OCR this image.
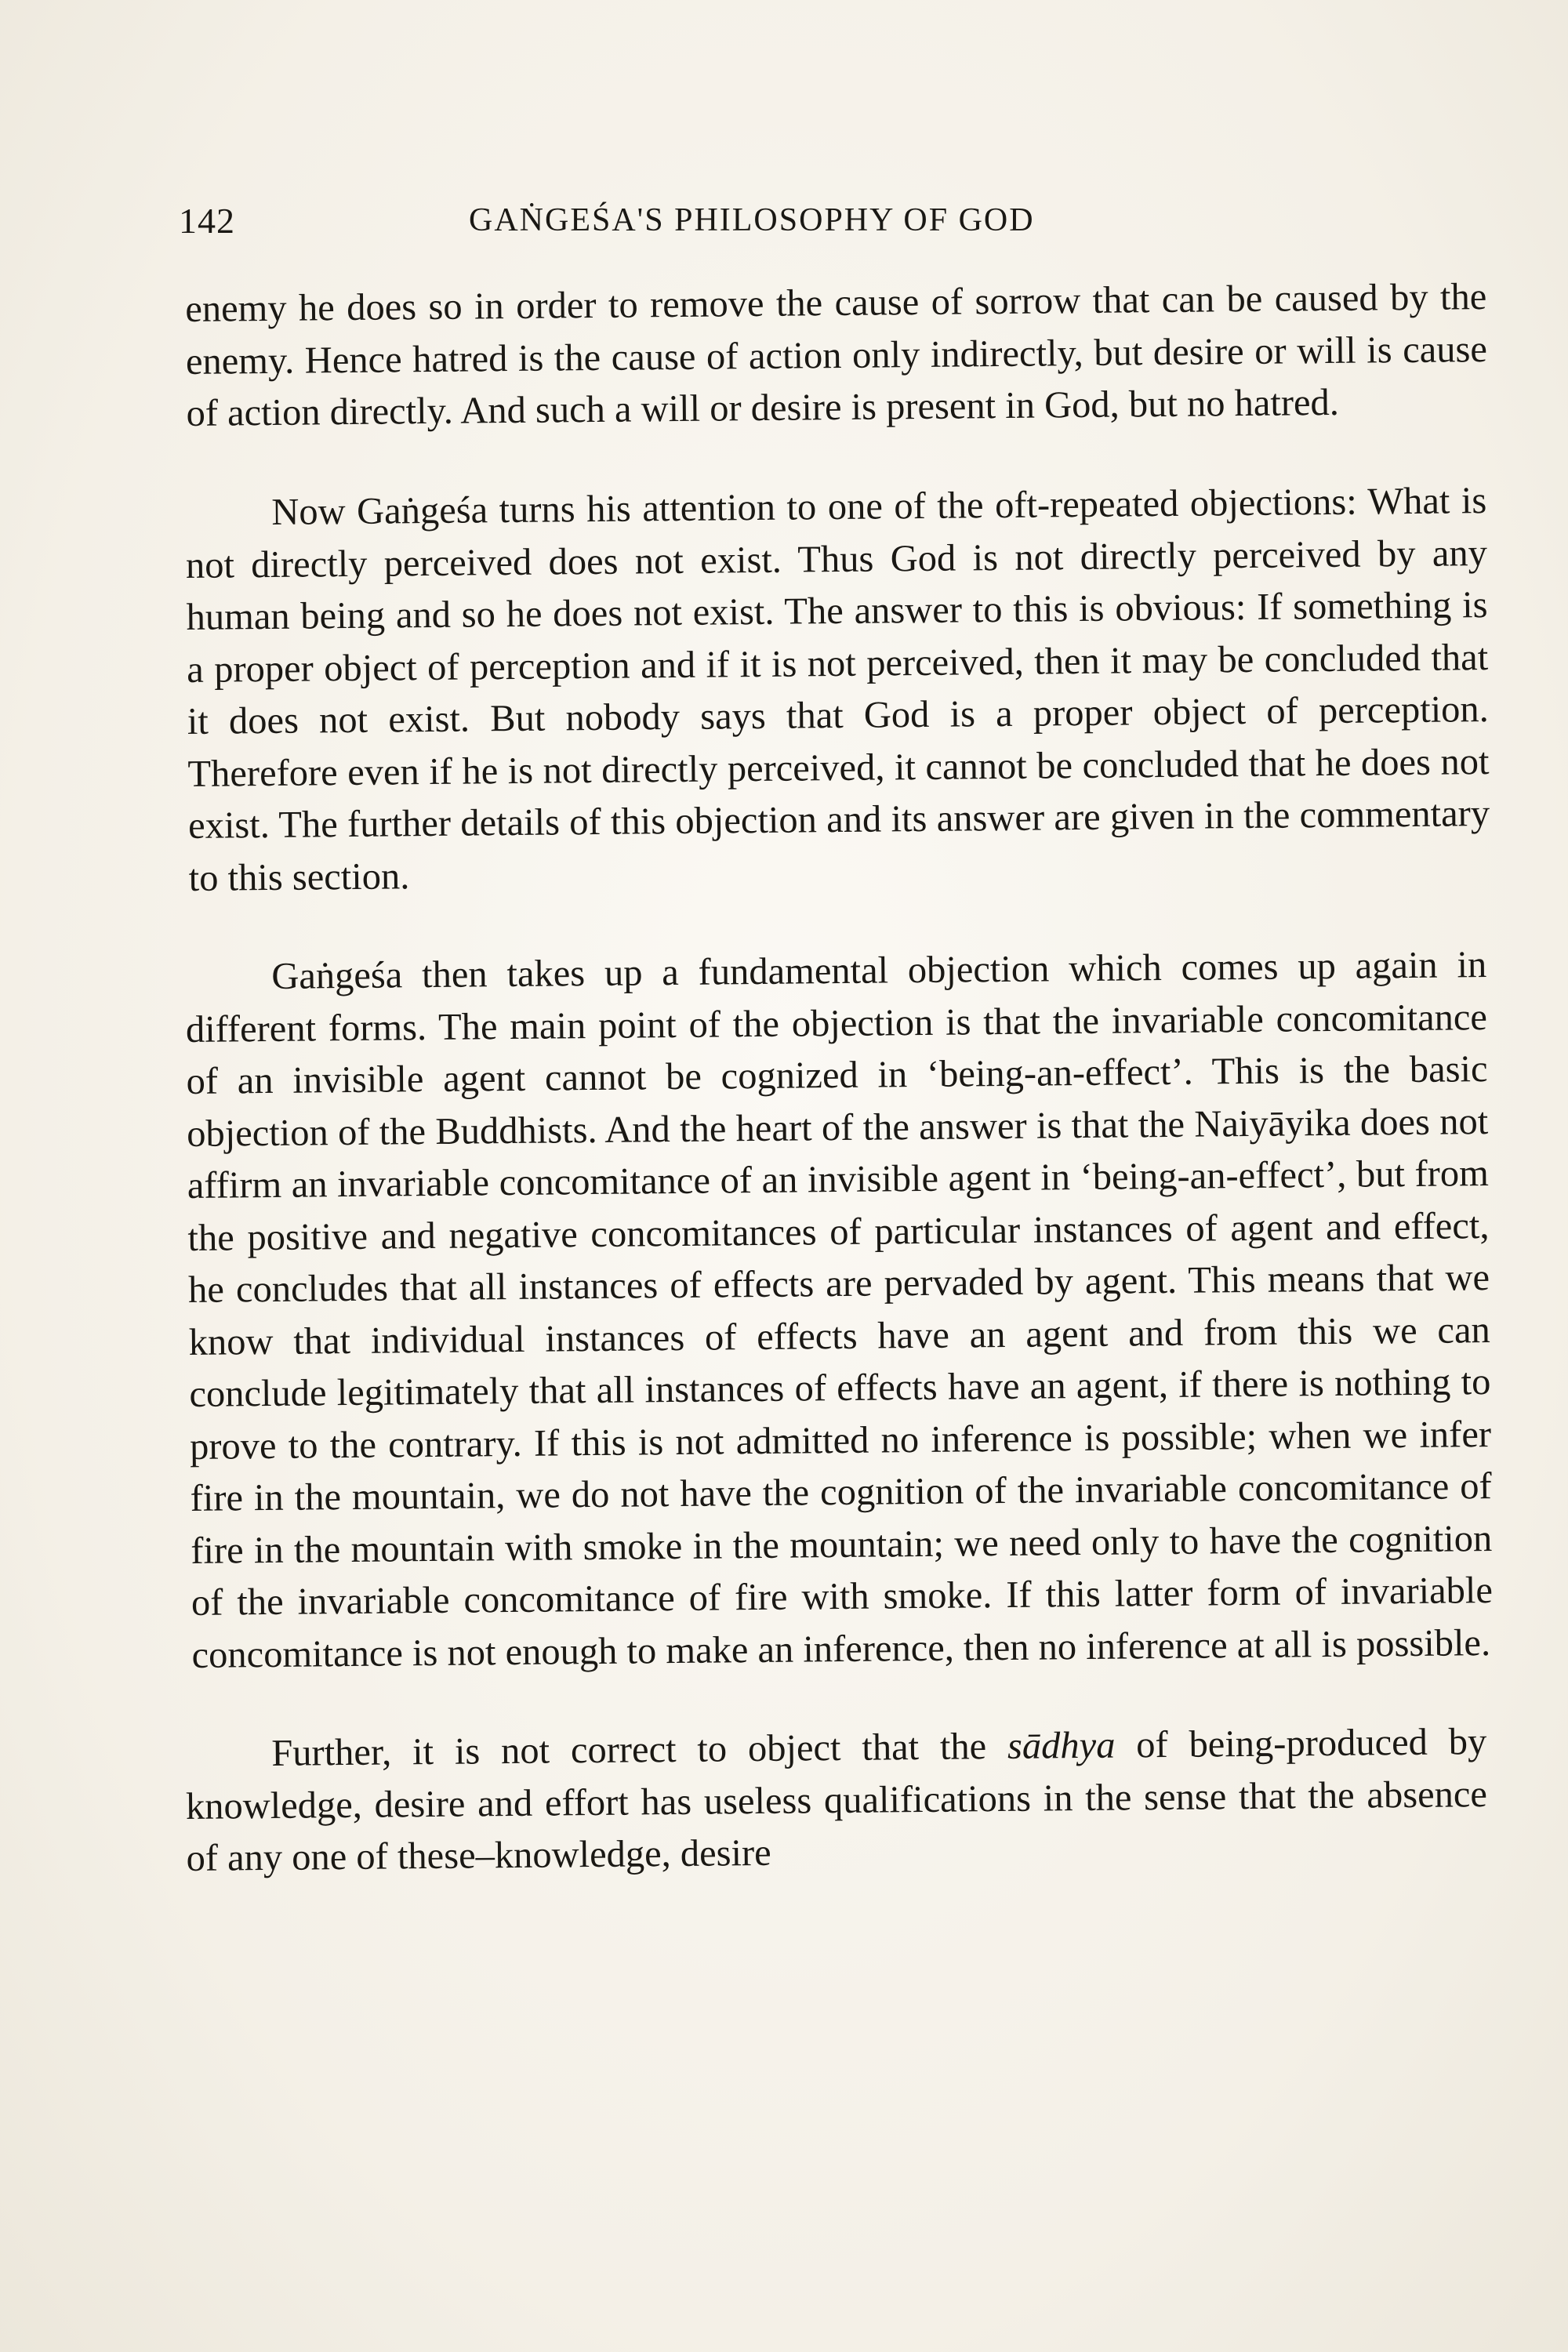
142	GAṄGEŚA'S PHILOSOPHY OF GOD

enemy he does so in order to remove the cause of sorrow that can be caused by the enemy. Hence hatred is the cause of action only indirectly, but desire or will is cause of action directly. And such a will or desire is present in God, but no hatred.

Now Gaṅgeśa turns his attention to one of the oft-repeated objections: What is not directly perceived does not exist. Thus God is not directly perceived by any human being and so he does not exist. The answer to this is obvious: If something is a proper object of perception and if it is not perceived, then it may be concluded that it does not exist. But nobody says that God is a proper object of perception. Therefore even if he is not directly perceived, it cannot be concluded that he does not exist. The further details of this objection and its answer are given in the commentary to this section.

Gaṅgeśa then takes up a fundamental objection which comes up again in different forms. The main point of the objection is that the invariable concomitance of an invisible agent cannot be cognized in ‘being-an-effect’. This is the basic objection of the Buddhists. And the heart of the answer is that the Naiyāyika does not affirm an invariable concomitance of an invisible agent in ‘being-an-effect’, but from the positive and negative concomitances of particular instances of agent and effect, he concludes that all instances of effects are pervaded by agent. This means that we know that individual instances of effects have an agent and from this we can conclude legitimately that all instances of effects have an agent, if there is nothing to prove to the contrary. If this is not admitted no inference is possible; when we infer fire in the mountain, we do not have the cognition of the invariable concomitance of fire in the mountain with smoke in the mountain; we need only to have the cognition of the invariable concomitance of fire with smoke. If this latter form of invariable concomitance is not enough to make an inference, then no inference at all is possible.

Further, it is not correct to object that the sādhya of being-produced by knowledge, desire and effort has useless qualifications in the sense that the absence of any one of these–knowledge, desire
